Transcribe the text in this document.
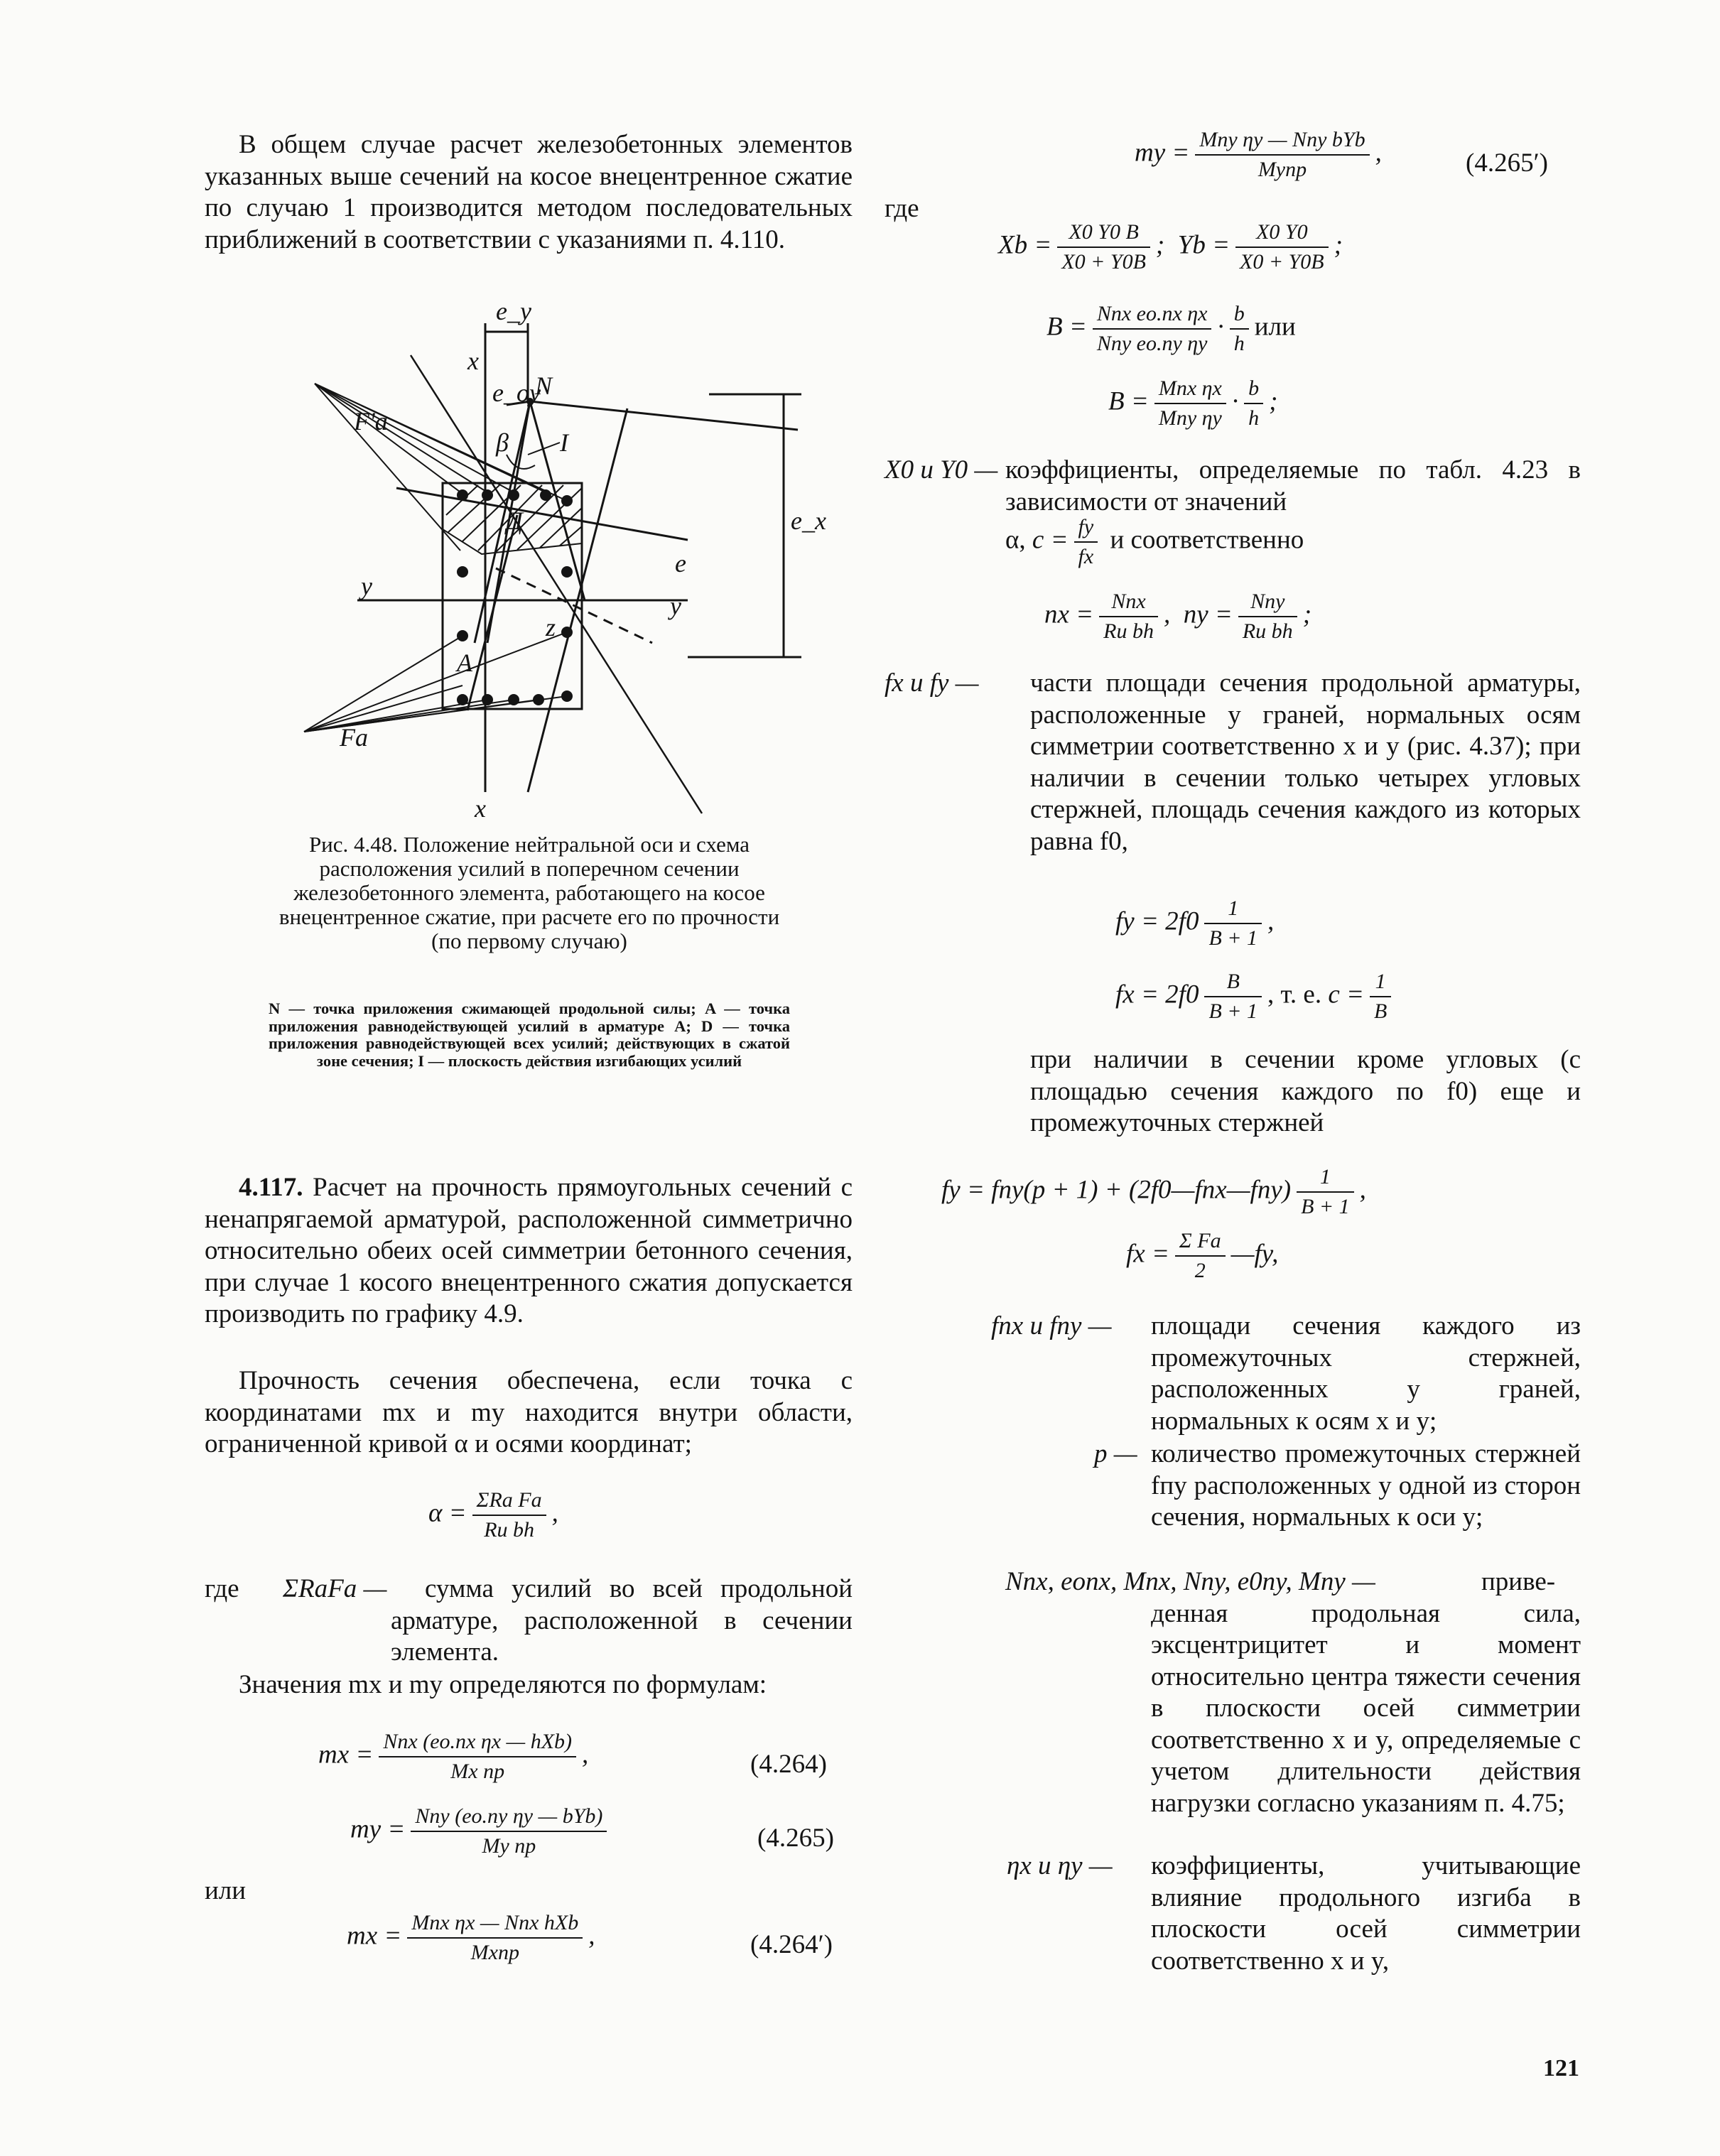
В общем случае расчет железобетонных элементов указанных выше сечений на косое внецентренное сжатие по случаю 1 производится методом последовательных приближений в соответствии с указаниями п. 4.110.

e_y
x
N
e_oy
F'a
β I
Д
y
y
e
e_x
z
A
Fa
x
Рис. 4.48. Положение нейтральной оси и схема расположения усилий в поперечном сечении железобетонного элемента, работающего на косое внецентренное сжатие, при расчете его по прочности (по первому случаю)
N — точка приложения сжимающей продольной силы; A — точка приложения равнодействующей усилий в арматуре A; D — точка приложения равнодействующей всех усилий; действующих в сжатой зоне сечения; I — плоскость действия изгибающих усилий

4.117. Расчет на прочность прямоугольных сечений с ненапрягаемой арматурой, расположенной симметрично относительно обеих осей симметрии бетонного сечения, при случае 1 косого внецентренного сжатия допускается производить по графику 4.9.

Прочность сечения обеспечена, если точка с координатами mx и my находится внутри области, ограниченной кривой α и осями координат;

$\alpha = \frac{\text{ΣRa Fa}}{\text{Rи bh}}$ ,
где ΣRaFa —	сумма усилий во всей продольной арматуре, расположенной в сечении элемента.

Значения mx и my определяются по формулам:

mx = $\frac{\text{Nпx (eo.пx ηx — hXb)}}{\text{Mx пр}}$ ,	(4.264)
my = $\frac{\text{Nпy (eo.пy ηy — bYb)}}{\text{My пр}}$	(4.265)
или
mx = $\frac{\text{Mпx ηx — Nпx hXb}}{\text{Mxпр}}$ ,	(4.264′)
my = $\frac{\text{Mпy ηy — Nпy bYb}}{\text{Myпр}}$ ,	(4.265′)
где
$Xb = \frac{X0 Y0 B}{X0 + Y0B}$ ; $Yb = \frac{X0 Y0}{X0 + Y0B}$ ;
$B = \frac{\text{Nпx eo.пx ηx}}{\text{Nпy eo.пy ηy}} \cdot \frac{b}{h}$ или
$B = \frac{\text{Mпx ηx}}{\text{Mпy ηy}} \cdot \frac{b}{h}$ ;
X0 и Y0 — коэффициенты, определяемые по табл. 4.23 в зависимости от значений
α, $c = \frac{fy}{fx}$ и соответственно
nx = $\frac{\text{Nпx}}{\text{Rи bh}}$ , ny = $\frac{\text{Nпy}}{\text{Rи bh}}$ ;
fx и fy — части площади сечения продольной арматуры, расположенные у граней, нормальных осям симметрии соответственно x и y (рис. 4.37); при наличии в сечении только четырех угловых стержней, площадь сечения каждого из которых равна f0,
fy = $2f0 \frac{1}{B + 1}$ ,
fx = $2f0 \frac{B}{B + 1}$ , т. е. $c = \frac{1}{B}$

при наличии в сечении кроме угловых (с площадью сечения каждого по f0) еще и промежуточных стержней

fy = fпy(p + 1) + (2f0—fпx—fпy) $\frac{1}{B + 1}$ ,
fx = $\frac{\text{Σ Fa}}{2}$ —fy,
fпx и fпy — площади сечения каждого из промежуточных стержней, расположенных у граней, нормальных к осям x и y;
p — количество промежуточных стержней fпy расположенных у одной из сторон сечения, нормальных к оси y;
Nпx, eопx, Mпx, Nпy, e0пy, Mпy —	приве-
денная продольная сила, эксцентрицитет и момент относительно центра тяжести сечения в плоскости осей симметрии соответственно x и y, определяемые с учетом длительности действия нагрузки согласно указаниям п. 4.75;
ηx и ηy — коэффициенты, учитывающие влияние продольного изгиба в плоскости осей симметрии соответственно x и y,
121
